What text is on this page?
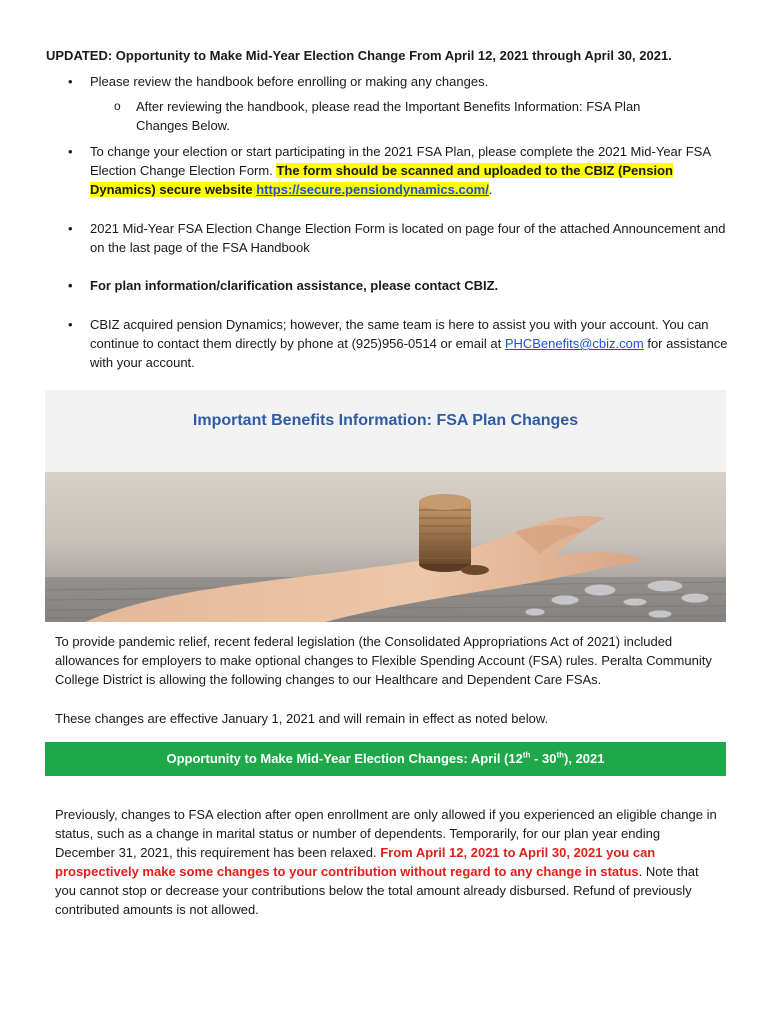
UPDATED: Opportunity to Make Mid-Year Election Change From April 12, 2021 through April 30, 2021.

• Please review the handbook before enrolling or making any changes.
o After reviewing the handbook, please read the Important Benefits Information: FSA Plan Changes Below.
• To change your election or start participating in the 2021 FSA Plan, please complete the 2021 Mid-Year FSA Election Change Election Form. The form should be scanned and uploaded to the CBIZ (Pension Dynamics) secure website https://secure.pensiondynamics.com/.
• 2021 Mid-Year FSA Election Change Election Form is located on page four of the attached Announcement and on the last page of the FSA Handbook
• For plan information/clarification assistance, please contact CBIZ.
• CBIZ acquired pension Dynamics; however, the same team is here to assist you with your account. You can continue to contact them directly by phone at (925)956-0514 or email at PHCBenefits@cbiz.com for assistance with your account.
Important Benefits Information: FSA Plan Changes
To provide pandemic relief, recent federal legislation (the Consolidated Appropriations Act of 2021) included allowances for employers to make optional changes to Flexible Spending Account (FSA) rules. Peralta Community College District is allowing the following changes to our Healthcare and Dependent Care FSAs.
These changes are effective January 1, 2021 and will remain in effect as noted below.
Opportunity to Make Mid-Year Election Changes: April (12th - 30th), 2021
Previously, changes to FSA election after open enrollment are only allowed if you experienced an eligible change in status, such as a change in marital status or number of dependents. Temporarily, for our plan year ending December 31, 2021, this requirement has been relaxed. From April 12, 2021 to April 30, 2021 you can prospectively make some changes to your contribution without regard to any change in status. Note that you cannot stop or decrease your contributions below the total amount already disbursed. Refund of previously contributed amounts is not allowed.
